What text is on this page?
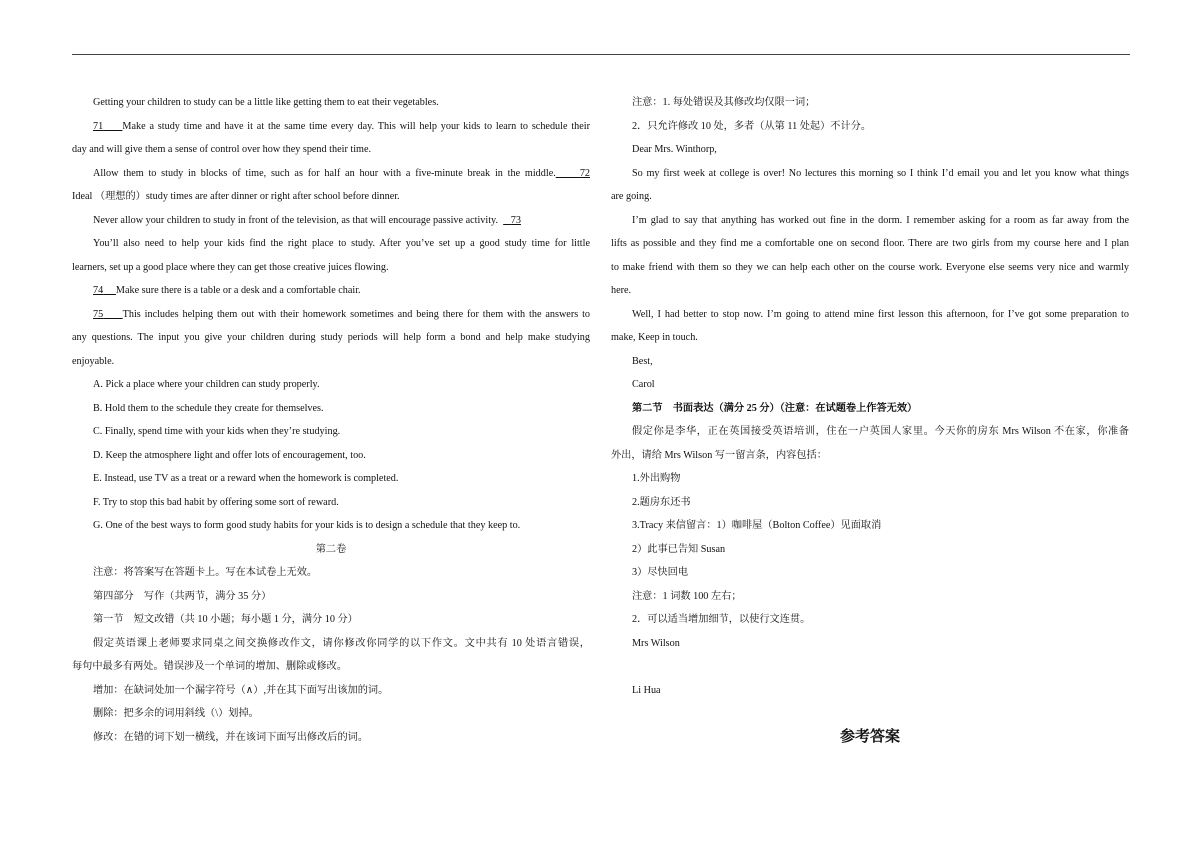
Getting your children to study can be a little like getting them to eat their vegetables.

71 Make a study time and have it at the same time every day. This will help your kids to learn to schedule their

day and will give them a sense of control over how they spend their time.

Allow them to study in blocks of time, such as for half an hour with a five-minute break in the middle. 72

Ideal （理想的）study times are after dinner or right after school before dinner.

Never allow your children to study in front of the television, as that will encourage passive activity. 73

You’ll also need to help your kids find the right place to study. After you’ve set up a good study time for little

learners, set up a good place where they can get those creative juices flowing.

74 Make sure there is a table or a desk and a comfortable chair.

75 This includes helping them out with their homework sometimes and being there for them with the answers to

any questions. The input you give your children during study periods will help form a bond and help make studying

enjoyable.

A. Pick a place where your children can study properly.

B. Hold them to the schedule they create for themselves.

C. Finally, spend time with your kids when they’re studying.

D. Keep the atmosphere light and offer lots of encouragement, too.

E. Instead, use TV as a treat or a reward when the homework is completed.

F. Try to stop this bad habit by offering some sort of reward.

G. One of the best ways to form good study habits for your kids is to design a schedule that they keep to.

第二卷

注意：将答案写在答题卡上。写在本试卷上无效。

第四部分　写作（共两节，满分 35 分）

第一节　短文改错（共 10 小题；每小题 1 分，满分 10 分）

假定英语课上老师要求同桌之间交换修改作文，请你修改你同学的以下作文。文中共有 10 处语言错误，

每句中最多有两处。错误涉及一个单词的增加、删除或修改。

增加：在缺词处加一个漏字符号（∧）,并在其下面写出该加的词。

删除：把多余的词用斜线（\）划掉。

修改：在错的词下划一横线，并在该词下面写出修改后的词。

注意：1. 每处错误及其修改均仅限一词；

2．只允许修改 10 处，多者（从第 11 处起）不计分。

Dear Mrs. Winthorp,

So my first week at college is over! No lectures this morning so I think I’d email you and let you know what things

are going.

I’m glad to say that anything has worked out fine in the dorm. I remember asking for a room as far away from the

lifts as possible and they find me a comfortable one on second floor. There are two girls from my course here and I plan

to make friend with them so they we can help each other on the course work. Everyone else seems very nice and warmly

here.

Well, I had better to stop now. I’m going to attend mine first lesson this afternoon, for I’ve got some preparation to

make, Keep in touch.

Best,

Carol

第二节　书面表达（满分 25 分）（注意：在试题卷上作答无效）

假定你是李华，正在英国接受英语培训，住在一户英国人家里。今天你的房东 Mrs Wilson 不在家，你准备

外出，请给 Mrs Wilson 写一留言条，内容包括：

1.外出购物

2.题房东还书

3.Tracy 来信留言：1）咖啡屋（Bolton Coffee）见面取消

2）此事已告知 Susan

3）尽快回电

注意：1 词数 100 左右；

2．可以适当增加细节，以使行文连贯。

Mrs Wilson

Li Hua

参考答案
